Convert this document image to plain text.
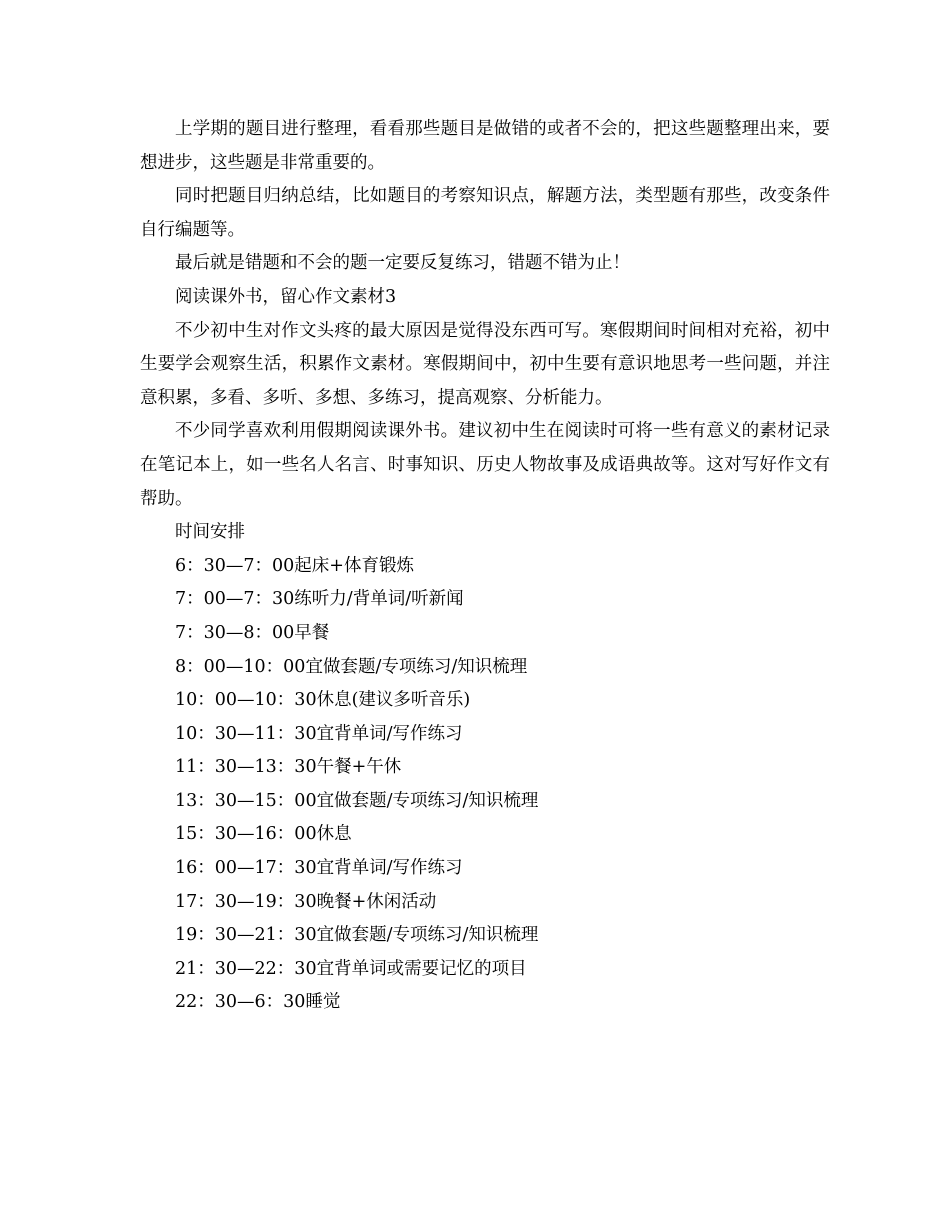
上学期的题目进行整理，看看那些题目是做错的或者不会的，把这些题整理出来，要想进步，这些题是非常重要的。

同时把题目归纳总结，比如题目的考察知识点，解题方法，类型题有那些，改变条件自行编题等。

最后就是错题和不会的题一定要反复练习，错题不错为止！

阅读课外书，留心作文素材3

不少初中生对作文头疼的最大原因是觉得没东西可写。寒假期间时间相对充裕，初中生要学会观察生活，积累作文素材。寒假期间中，初中生要有意识地思考一些问题，并注意积累，多看、多听、多想、多练习，提高观察、分析能力。

不少同学喜欢利用假期阅读课外书。建议初中生在阅读时可将一些有意义的素材记录在笔记本上，如一些名人名言、时事知识、历史人物故事及成语典故等。这对写好作文有帮助。

时间安排

6：30—7：00起床+体育锻炼

7：00—7：30练听力/背单词/听新闻

7：30—8：00早餐

8：00—10：00宜做套题/专项练习/知识梳理

10：00—10：30休息(建议多听音乐)

10：30—11：30宜背单词/写作练习

11：30—13：30午餐+午休

13：30—15：00宜做套题/专项练习/知识梳理

15：30—16：00休息

16：00—17：30宜背单词/写作练习

17：30—19：30晚餐+休闲活动

19：30—21：30宜做套题/专项练习/知识梳理

21：30—22：30宜背单词或需要记忆的项目

22：30—6：30睡觉
